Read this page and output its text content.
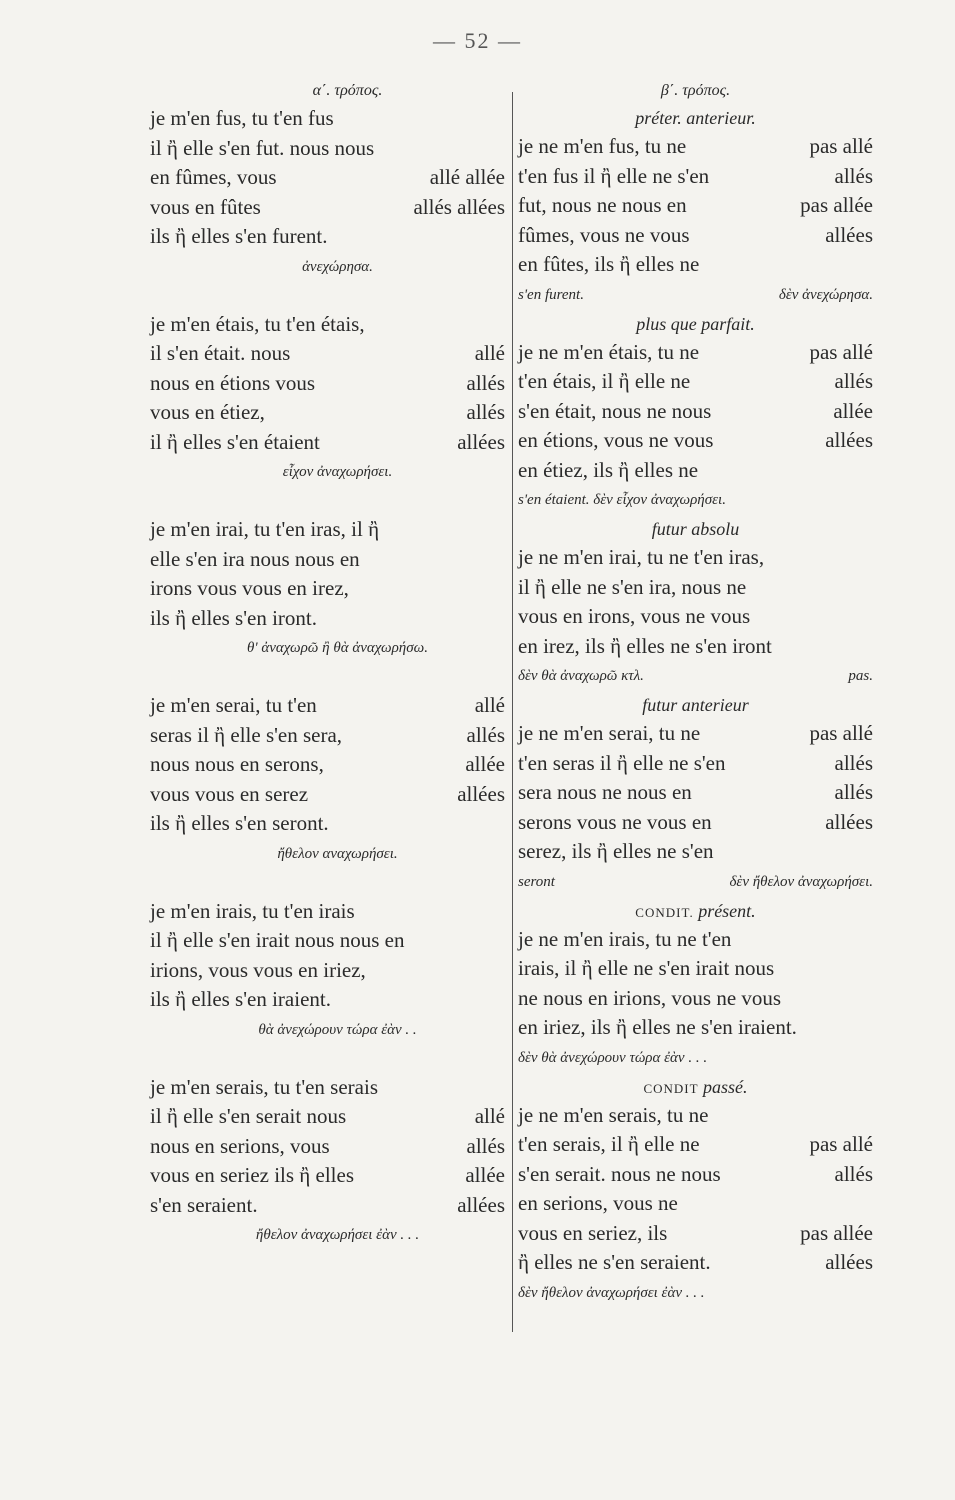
— 52 —
α΄. τρόπος.
je m'en fus, tu t'en fus
il ἢ elle s'en fut. nous nous
en fûmes, vous	allé allée
vous en fûtes	allés allées
ils ἢ elles s'en furent.
ἀνεχώρησα.
je m'en étais, tu t'en étais,
il s'en était. nous	allé
nous en étions vous	allés
vous en étiez,	allés
il ἢ elles s'en étaient	allées
εἶχον ἀναχωρήσει.
je m'en irai, tu t'en iras, il ἢ
elle s'en ira nous nous en
irons vous vous en irez,
ils ἢ elles s'en iront.
θ' ἀναχωρῶ ἢ θὰ ἀναχωρήσω.
je m'en serai, tu t'en	allé
seras il ἢ elle s'en sera,	allés
nous nous en serons,	allée
vous vous en serez	allées
ils ἢ elles s'en seront.
ἤθελον αναχωρήσει.
je m'en irais, tu t'en irais
il ἢ elle s'en irait nous nous en
irions, vous vous en iriez,
ils ἢ elles s'en iraient.
θὰ ἀνεχώρουν τώρα ἐὰν . .
je m'en serais, tu t'en serais
il ἢ elle s'en serait nous	allé
nous en serions, vous	allés
vous en seriez ils ἢ elles	allée
s'en seraient.	allées
ἤθελον ἀναχωρήσει ἐὰν . . .
β΄. τρόπος.
préter. anterieur.
je ne m'en fus, tu ne	pas allé
t'en fus il ἢ elle ne s'en	allés
fut, nous ne nous en	pas allée
fûmes, vous ne vous	allées
en fûtes, ils ἢ elles ne
s'en furent.	δὲν ἀνεχώρησα.
plus que parfait.
je ne m'en étais, tu ne	pas allé
t'en étais, il ἢ elle ne	allés
s'en était, nous ne nous	allée
en étions, vous ne vous	allées
en étiez, ils ἢ elles ne
s'en étaient. δὲν εἶχον ἀναχωρήσει.
futur absolu
je ne m'en irai, tu ne t'en iras,
il ἢ elle ne s'en ira, nous ne
vous en irons, vous ne vous
en irez, ils ἢ elles ne s'en iront
δὲν θὰ ἀναχωρῶ κτλ.	pas.
futur anterieur
je ne m'en serai, tu ne	pas allé
t'en seras il ἢ elle ne s'en	allés
sera nous ne nous en	allés
serons vous ne vous en	allées
serez, ils ἢ elles ne s'en
seront	δὲν ἤθελον ἀναχωρήσει.
CONDIT. présent.
je ne m'en irais, tu ne t'en
irais, il ἢ elle ne s'en irait nous
ne nous en irions, vous ne vous
en iriez, ils ἢ elles ne s'en iraient.
δὲν θὰ ἀνεχώρουν τώρα ἐὰν . . .
CONDIT passé.
je ne m'en serais, tu ne
t'en serais, il ἢ elle ne	pas allé
s'en serait. nous ne nous	allés
en serions, vous ne
vous en seriez, ils	pas allée
ἢ elles ne s'en seraient.	allées
δὲν ἤθελον ἀναχωρήσει ἐὰν . . .
